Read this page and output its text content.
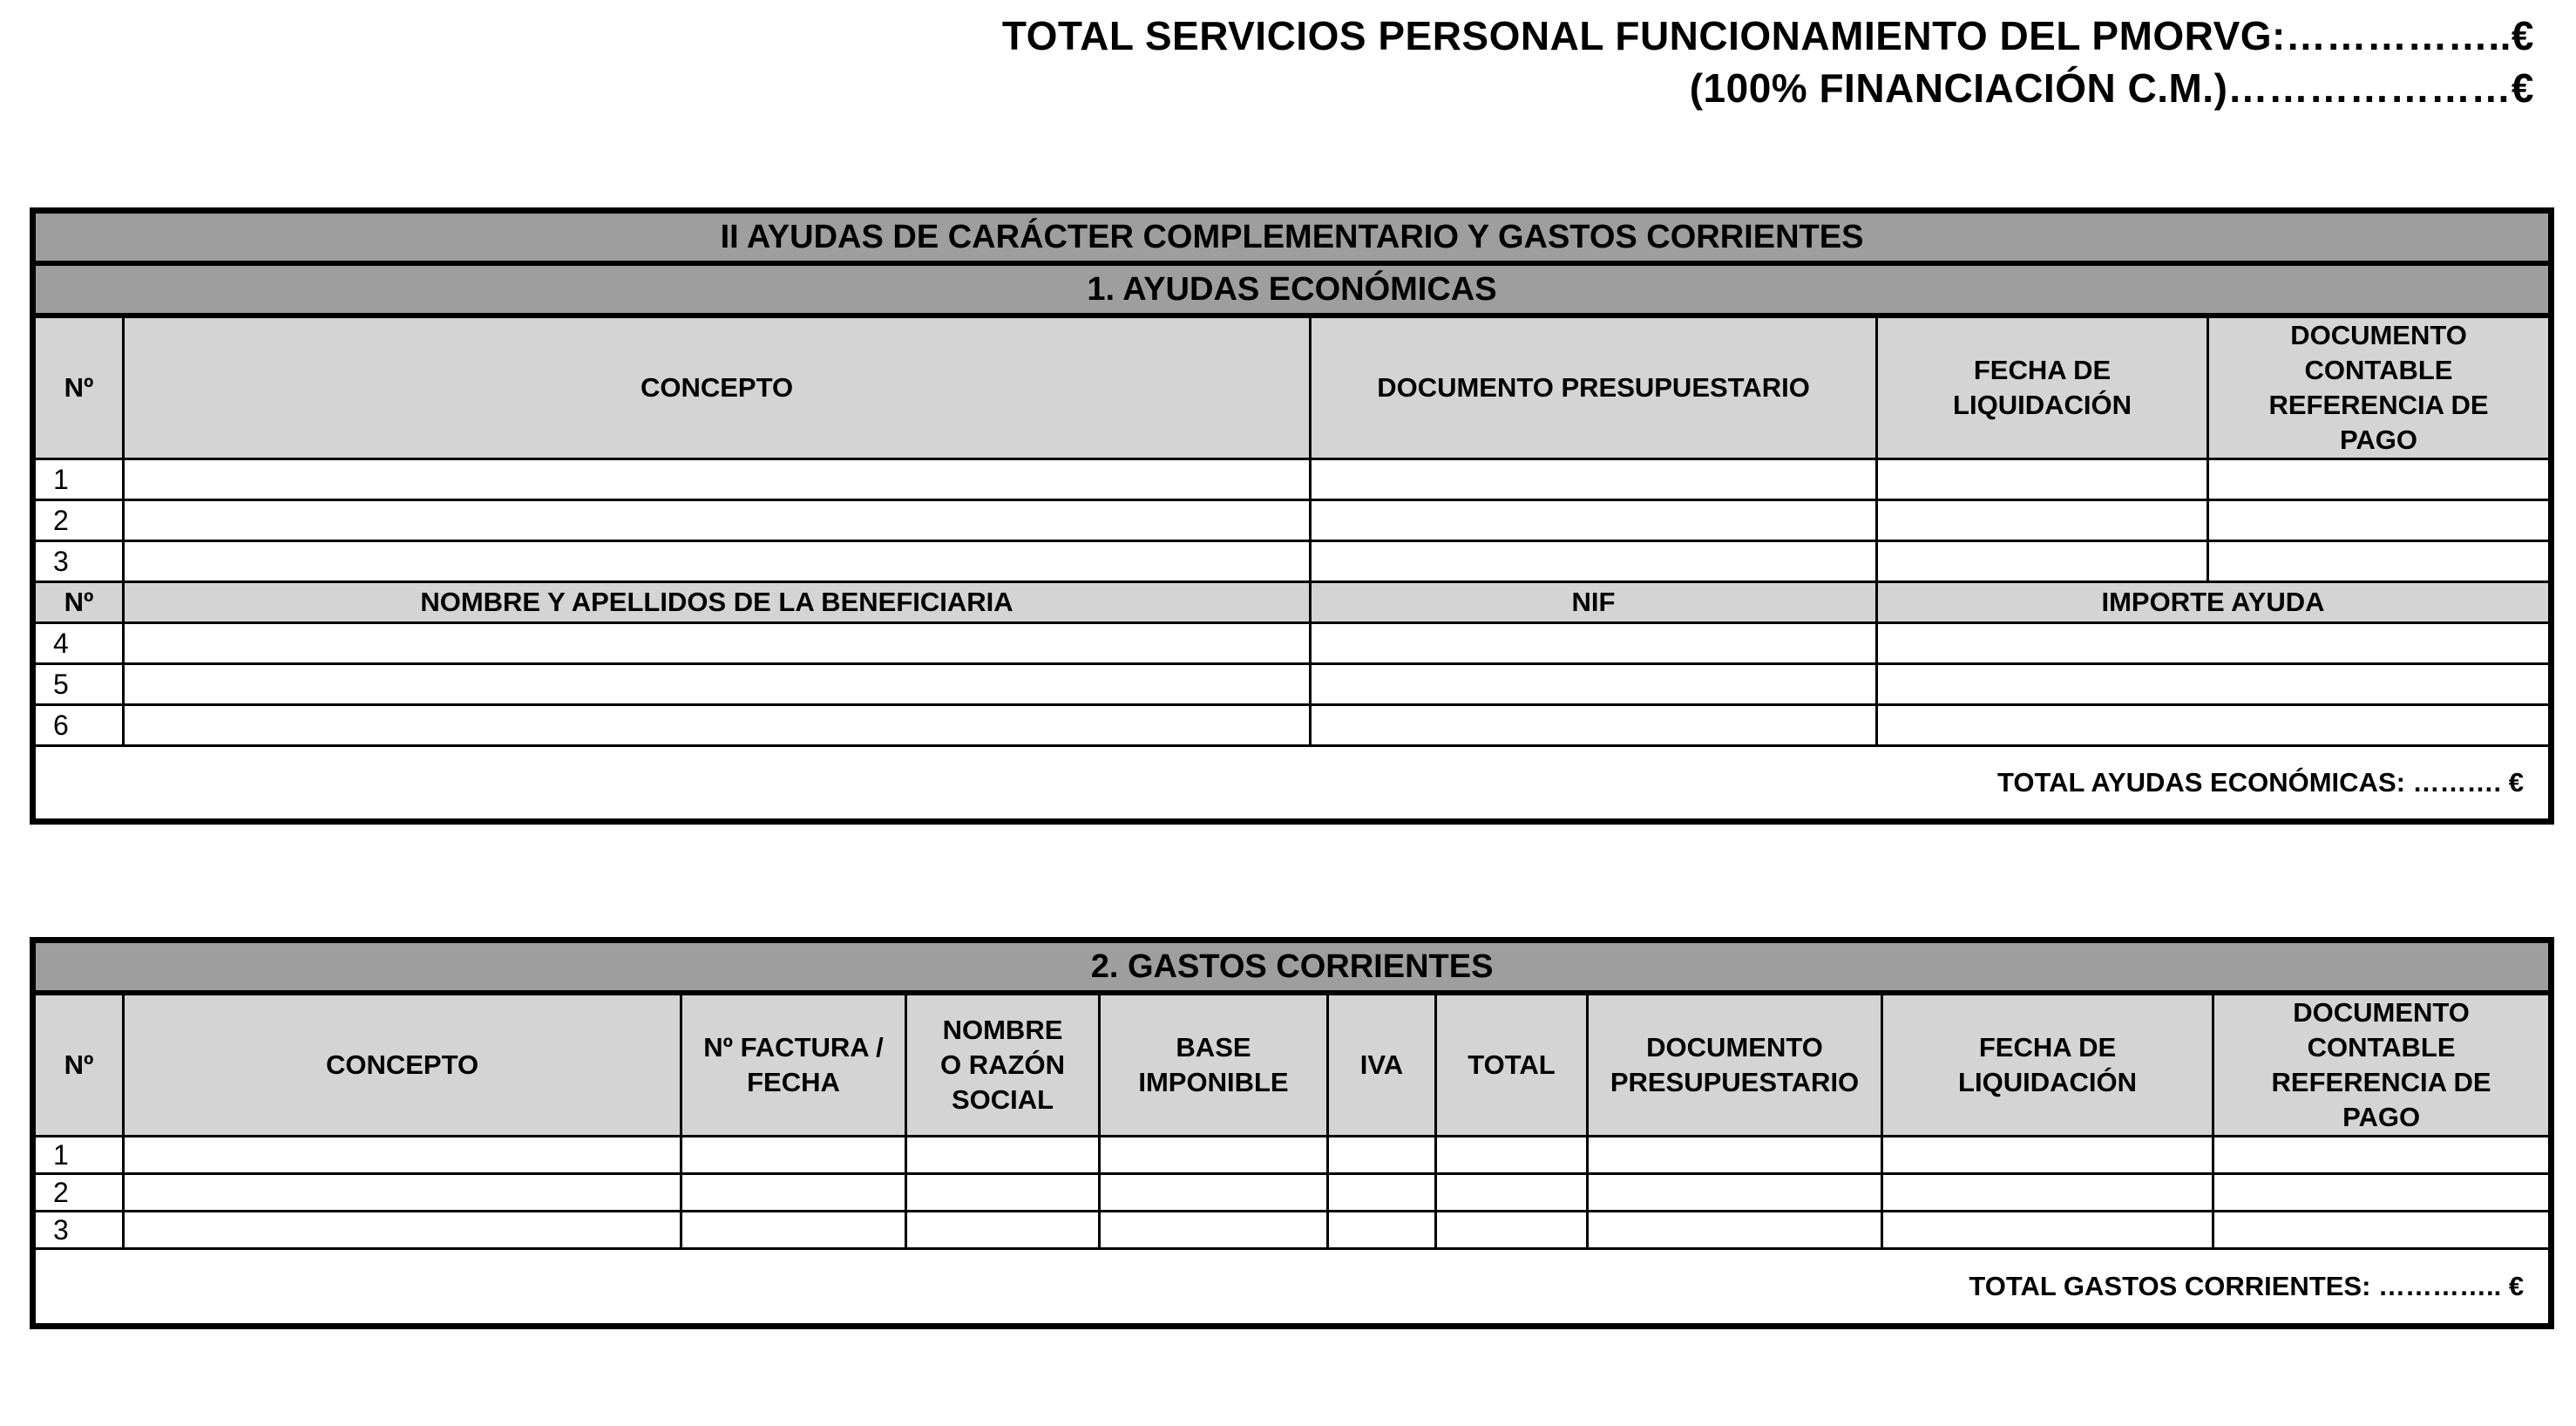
TOTAL SERVICIOS PERSONAL FUNCIONAMIENTO DEL PMORVG:……………..€
(100% FINANCIACIÓN C.M.)…………………€
II AYUDAS DE CARÁCTER COMPLEMENTARIO Y GASTOS CORRIENTES				
1. AYUDAS ECONÓMICAS				
Nº	CONCEPTO	DOCUMENTO PRESUPUESTARIO	FECHA DE LIQUIDACIÓN	DOCUMENTO CONTABLE REFERENCIA DE PAGO
1				
2				
3				
Nº	NOMBRE Y APELLIDOS DE LA BENEFICIARIA	NIF	IMPORTE AYUDA	
4				
5				
6				
TOTAL AYUDAS ECONÓMICAS: ………. €				
2. GASTOS CORRIENTES									
Nº	CONCEPTO	Nº FACTURA / FECHA	NOMBRE O RAZÓN SOCIAL	BASE IMPONIBLE	IVA	TOTAL	DOCUMENTO PRESUPUESTARIO	FECHA DE LIQUIDACIÓN	DOCUMENTO CONTABLE REFERENCIA DE PAGO
1									
2									
3									
TOTAL GASTOS CORRIENTES: ………….. €									
